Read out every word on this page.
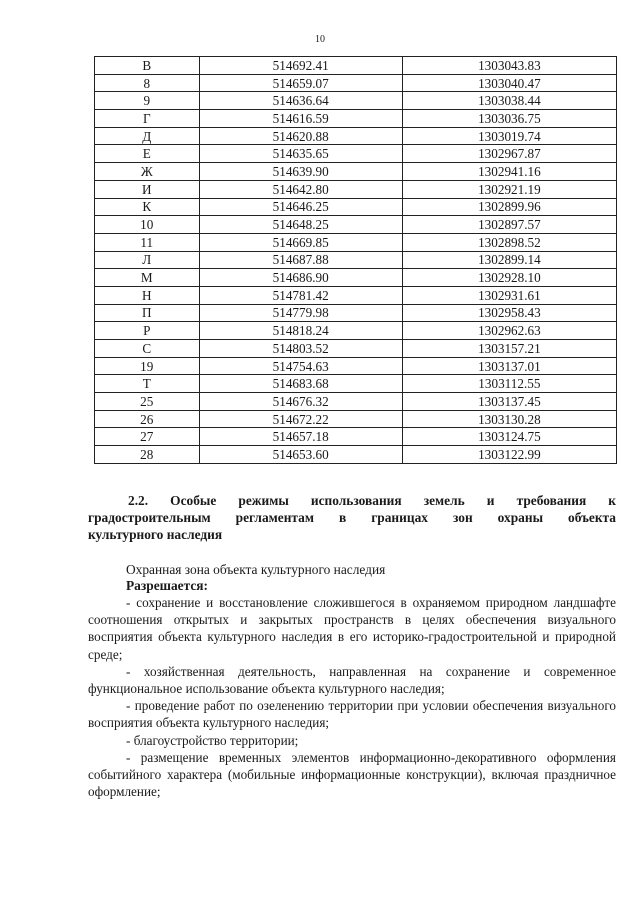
10
В	514692.41	1303043.83
8	514659.07	1303040.47
9	514636.64	1303038.44
Г	514616.59	1303036.75
Д	514620.88	1303019.74
Е	514635.65	1302967.87
Ж	514639.90	1302941.16
И	514642.80	1302921.19
К	514646.25	1302899.96
10	514648.25	1302897.57
11	514669.85	1302898.52
Л	514687.88	1302899.14
М	514686.90	1302928.10
Н	514781.42	1302931.61
П	514779.98	1302958.43
Р	514818.24	1302962.63
С	514803.52	1303157.21
19	514754.63	1303137.01
Т	514683.68	1303112.55
25	514676.32	1303137.45
26	514672.22	1303130.28
27	514657.18	1303124.75
28	514653.60	1303122.99
2.2. Особые режимы использования земель и требования к
градостроительным регламентам в границах зон охраны объекта
культурного наследия
Охранная зона объекта культурного наследия
Разрешается:

- сохранение и восстановление сложившегося в охраняемом природном ландшафте соотношения открытых и закрытых пространств в целях обеспечения визуального восприятия объекта культурного наследия в его историко-градостроительной и природной среде;

- хозяйственная деятельность, направленная на сохранение и современное функциональное использование объекта культурного наследия;

- проведение работ по озеленению территории при условии обеспечения визуального восприятия объекта культурного наследия;

- благоустройство территории;

- размещение временных элементов информационно-декоративного оформления событийного характера (мобильные информационные конструкции), включая праздничное оформление;
